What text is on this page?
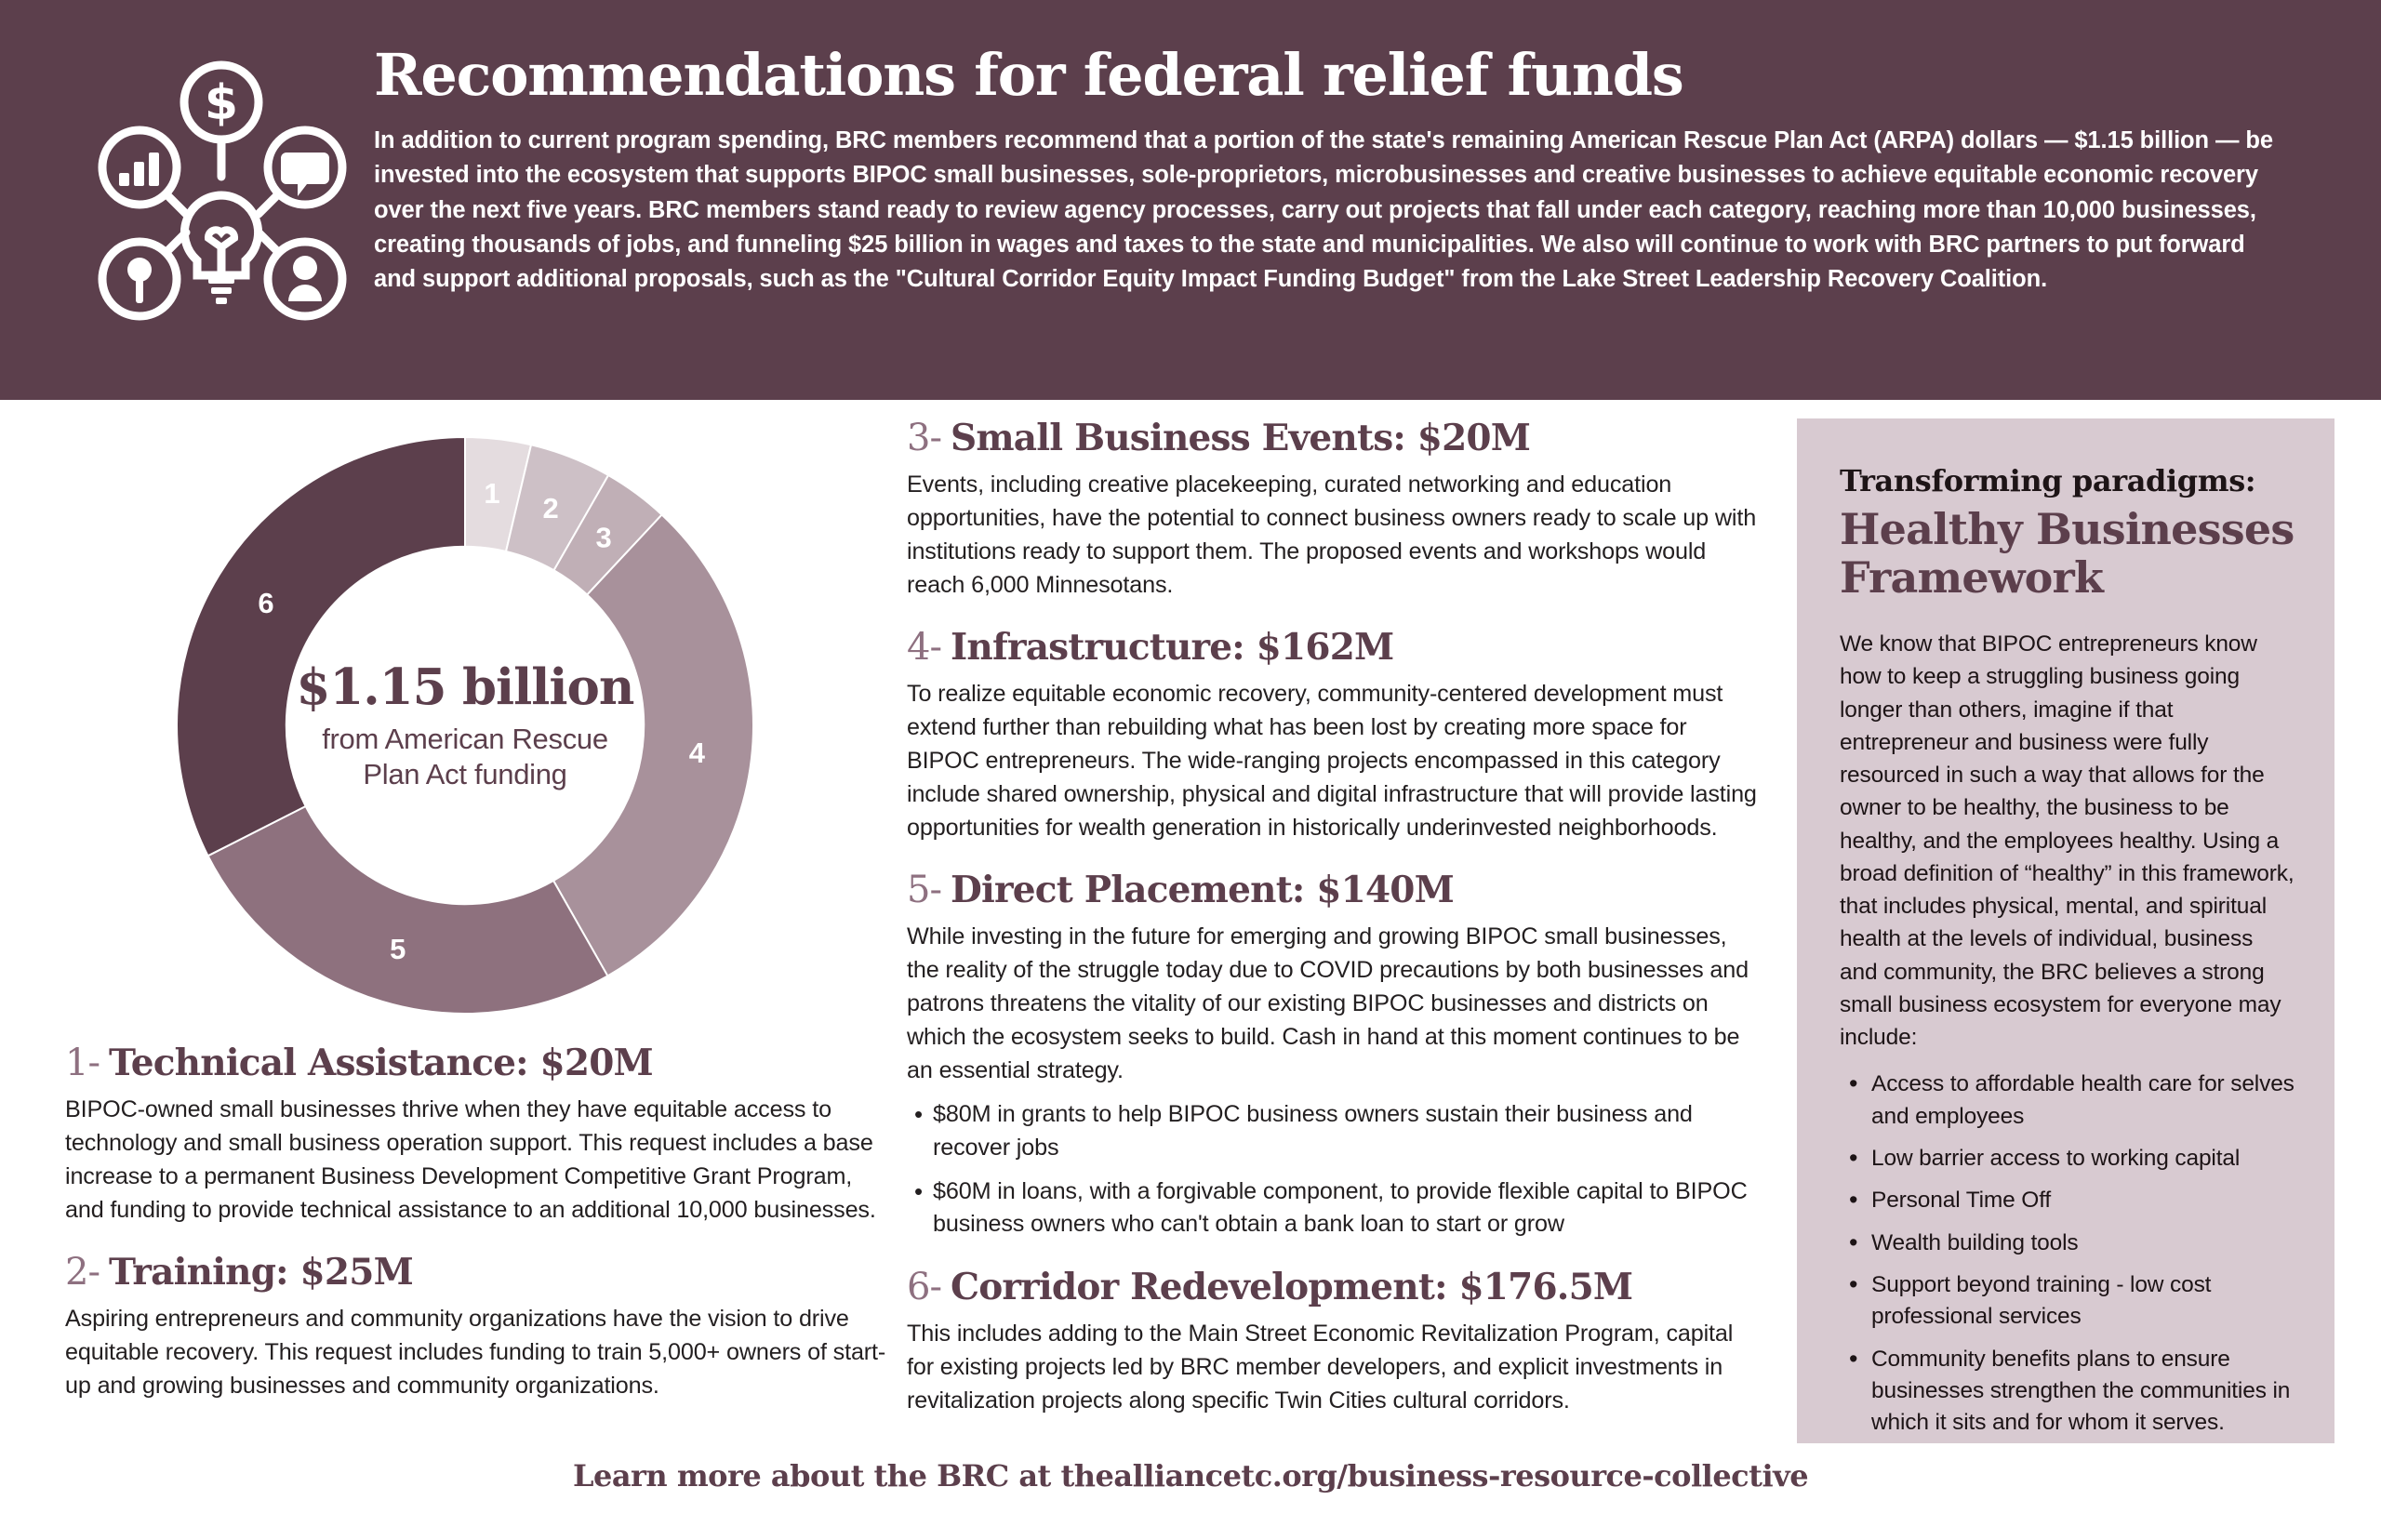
$ Recommendations for federal relief funds

In addition to current program spending, BRC members recommend that a portion of the state's remaining American Rescue Plan Act (ARPA) dollars — $1.15 billion — be invested into the ecosystem that supports BIPOC small businesses, sole-proprietors, microbusinesses and creative businesses to achieve equitable economic recovery over the next five years. BRC members stand ready to review agency processes, carry out projects that fall under each category, reaching more than 10,000 businesses, creating thousands of jobs, and funneling $25 billion in wages and taxes to the state and municipalities. We also will continue to work with BRC partners to put forward and support additional proposals, such as the "Cultural Corridor Equity Impact Funding Budget" from the Lake Street Leadership Recovery Coalition.

1 2
3
4
5
6
$1.15 billion
from American Rescue
Plan Act funding
1- Technical Assistance: $20M

BIPOC-owned small businesses thrive when they have equitable access to technology and small business operation support. This request includes a base increase to a permanent Business Development Competitive Grant Program, and funding to provide technical assistance to an additional 10,000 businesses.

2- Training: $25M

Aspiring entrepreneurs and community organizations have the vision to drive equitable recovery. This request includes funding to train 5,000+ owners of start-up and growing businesses and community organizations.

3- Small Business Events: $20M

Events, including creative placekeeping, curated networking and education opportunities, have the potential to connect business owners ready to scale up with institutions ready to support them. The proposed events and workshops would reach 6,000 Minnesotans.

4- Infrastructure: $162M

To realize equitable economic recovery, community-centered development must extend further than rebuilding what has been lost by creating more space for BIPOC entrepreneurs. The wide-ranging projects encompassed in this category include shared ownership, physical and digital infrastructure that will provide lasting opportunities for wealth generation in historically underinvested neighborhoods.

5- Direct Placement: $140M

While investing in the future for emerging and growing BIPOC small businesses, the reality of the struggle today due to COVID precautions by both businesses and patrons threatens the vitality of our existing BIPOC businesses and districts on which the ecosystem seeks to build. Cash in hand at this moment continues to be an essential strategy.

• $80M in grants to help BIPOC business owners sustain their business and recover jobs
• $60M in loans, with a forgivable component, to provide flexible capital to BIPOC business owners who can't obtain a bank loan to start or grow
6- Corridor Redevelopment: $176.5M

This includes adding to the Main Street Economic Revitalization Program, capital for existing projects led by BRC member developers, and explicit investments in revitalization projects along specific Twin Cities cultural corridors.

Transforming paradigms:
Healthy Businesses Framework

We know that BIPOC entrepreneurs know how to keep a struggling business going longer than others, imagine if that entrepreneur and business were fully resourced in such a way that allows for the owner to be healthy, the business to be healthy, and the employees healthy. Using a broad definition of “healthy” in this framework, that includes physical, mental, and spiritual health at the levels of individual, business and community, the BRC believes a strong small business ecosystem for everyone may include:

• Access to affordable health care for selves and employees
• Low barrier access to working capital
• Personal Time Off
• Wealth building tools
• Support beyond training - low cost professional services
• Community benefits plans to ensure businesses strengthen the communities in which it sits and for whom it serves.
Learn more about the BRC at thealliancetc.org/business-resource-collective
